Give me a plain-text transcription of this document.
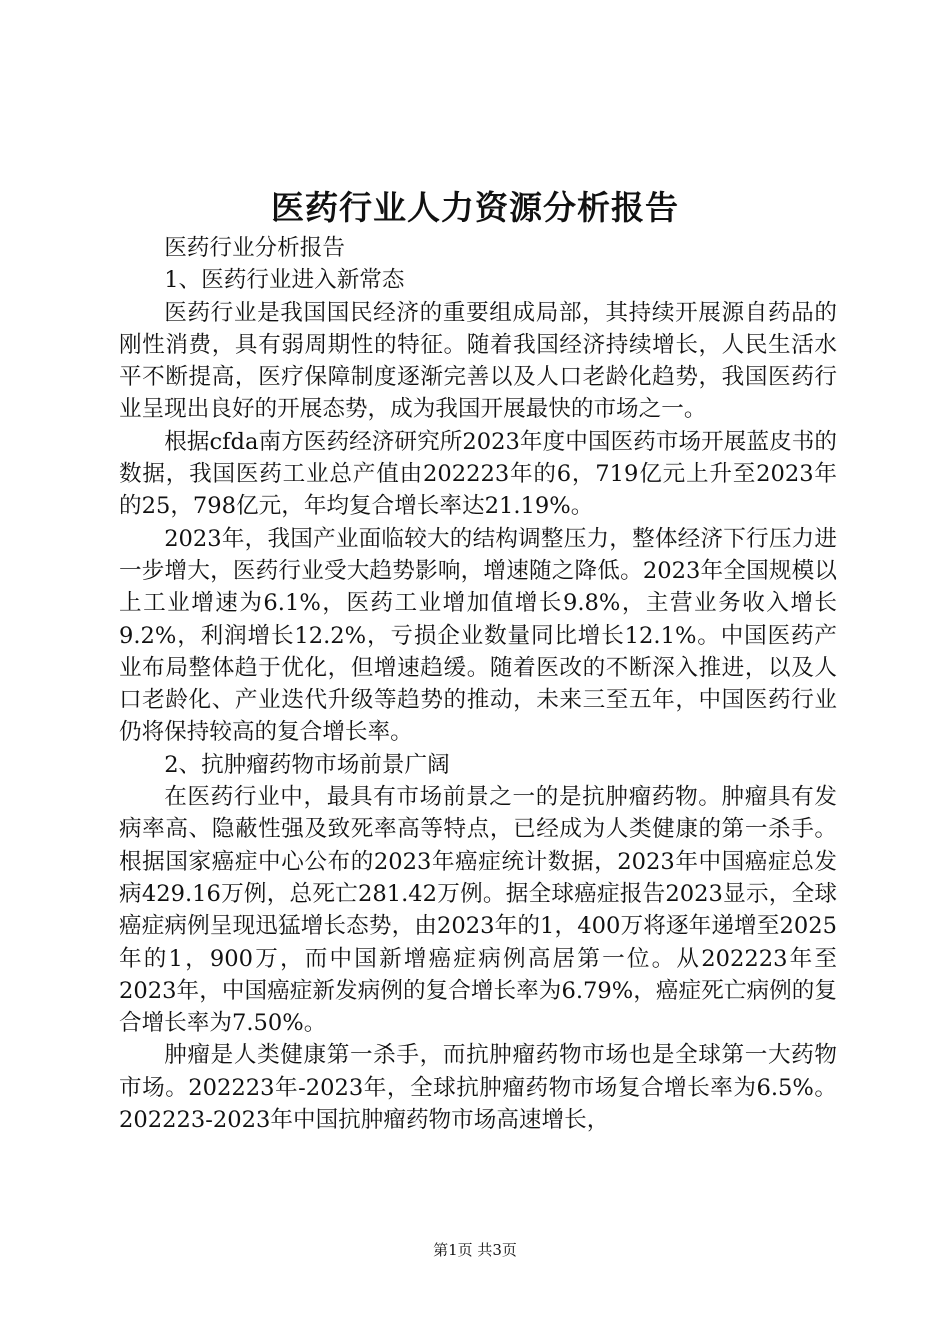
医药行业人力资源分析报告

医药行业分析报告

1、医药行业进入新常态

医药行业是我国国民经济的重要组成局部，其持续开展源自药品的刚性消费，具有弱周期性的特征。随着我国经济持续增长，人民生活水平不断提高，医疗保障制度逐渐完善以及人口老龄化趋势，我国医药行业呈现出良好的开展态势，成为我国开展最快的市场之一。

根据cfda南方医药经济研究所2023年度中国医药市场开展蓝皮书的数据，我国医药工业总产值由202223年的6，719亿元上升至2023年的25，798亿元，年均复合增长率达21.19%。

2023年，我国产业面临较大的结构调整压力，整体经济下行压力进一步增大，医药行业受大趋势影响，增速随之降低。2023年全国规模以上工业增速为6.1%，医药工业增加值增长9.8%，主营业务收入增长9.2%，利润增长12.2%，亏损企业数量同比增长12.1%。中国医药产业布局整体趋于优化，但增速趋缓。随着医改的不断深入推进，以及人口老龄化、产业迭代升级等趋势的推动，未来三至五年，中国医药行业仍将保持较高的复合增长率。

2、抗肿瘤药物市场前景广阔

在医药行业中，最具有市场前景之一的是抗肿瘤药物。肿瘤具有发病率高、隐蔽性强及致死率高等特点，已经成为人类健康的第一杀手。根据国家癌症中心公布的2023年癌症统计数据，2023年中国癌症总发病429.16万例，总死亡281.42万例。据全球癌症报告2023显示，全球癌症病例呈现迅猛增长态势，由2023年的1，400万将逐年递增至2025年的1，900万，而中国新增癌症病例高居第一位。从202223年至2023年，中国癌症新发病例的复合增长率为6.79%，癌症死亡病例的复合增长率为7.50%。

肿瘤是人类健康第一杀手，而抗肿瘤药物市场也是全球第一大药物市场。202223年-2023年，全球抗肿瘤药物市场复合增长率为6.5%。202223-2023年中国抗肿瘤药物市场高速增长，

第1页 共3页
